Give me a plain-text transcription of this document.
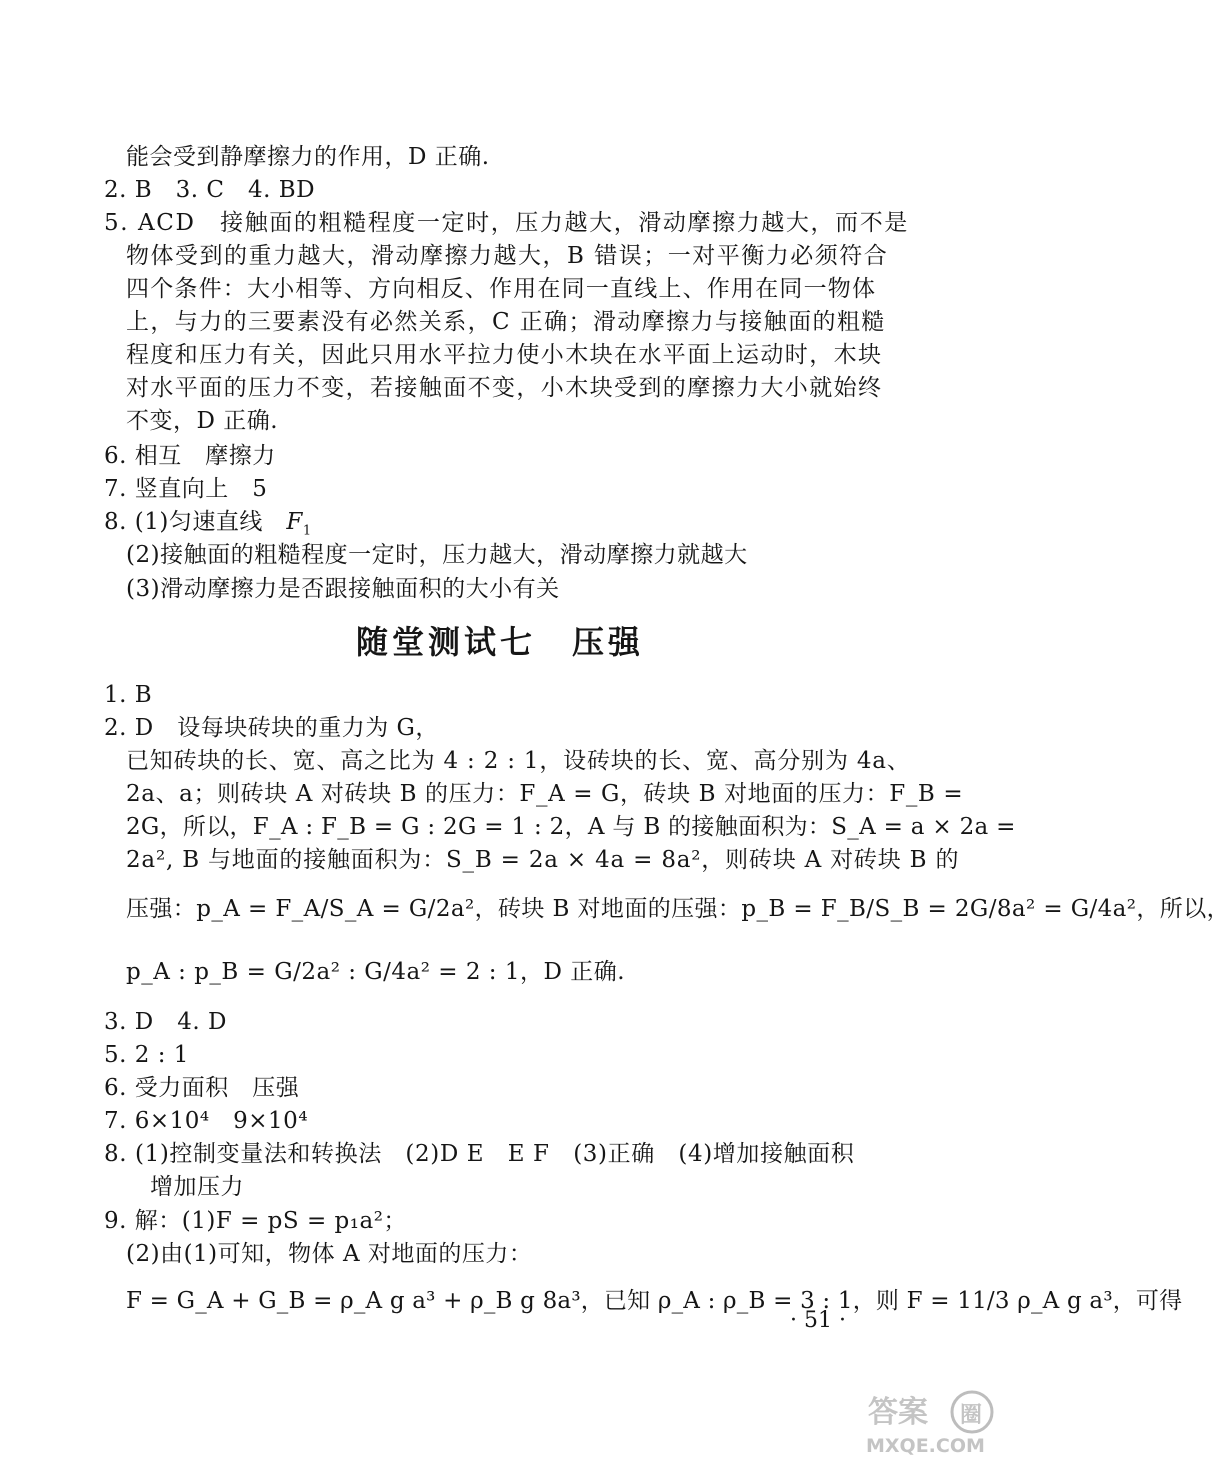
能会受到静摩擦力的作用，D 正确.
2. B　3. C　4. BD
5. ACD　接触面的粗糙程度一定时，压力越大，滑动摩擦力越大，而不是
物体受到的重力越大，滑动摩擦力越大，B 错误；一对平衡力必须符合
四个条件：大小相等、方向相反、作用在同一直线上、作用在同一物体
上，与力的三要素没有必然关系，C 正确；滑动摩擦力与接触面的粗糙
程度和压力有关，因此只用水平拉力使小木块在水平面上运动时，木块
对水平面的压力不变，若接触面不变，小木块受到的摩擦力大小就始终
不变，D 正确.
6. 相互　摩擦力
7. 竖直向上　5
8. (1)匀速直线　$F_1$
(2)接触面的粗糙程度一定时，压力越大，滑动摩擦力就越大
(3)滑动摩擦力是否跟接触面积的大小有关
随堂测试七　压强
1. B
2. D　设每块砖块的重力为 G，
已知砖块的长、宽、高之比为 4 : 2 : 1，设砖块的长、宽、高分别为 4a、
2a、a；则砖块 A 对砖块 B 的压力：F_A = G，砖块 B 对地面的压力：F_B =
2G，所以，F_A : F_B = G : 2G = 1 : 2，A 与 B 的接触面积为：S_A = a × 2a =
2a², B 与地面的接触面积为：S_B = 2a × 4a = 8a²，则砖块 A 对砖块 B 的
压强：p_A = F_A/S_A = G/2a²，砖块 B 对地面的压强：p_B = F_B/S_B = 2G/8a² = G/4a²，所以，
p_A : p_B = G/2a² : G/4a² = 2 : 1，D 正确.
3. D　4. D
5. 2 : 1
6. 受力面积　压强
7. 6×10⁴　9×10⁴
8. (1)控制变量法和转换法　(2)D E　E F　(3)正确　(4)增加接触面积
增加压力
9. 解：(1)F = pS = p₁a²；
(2)由(1)可知，物体 A 对地面的压力：
F = G_A + G_B = ρ_A g a³ + ρ_B g 8a³，已知 ρ_A : ρ_B = 3 : 1，则 F = 11/3 ρ_A g a³，可得
· 51 ·
答案 圈
MXQE.COM
